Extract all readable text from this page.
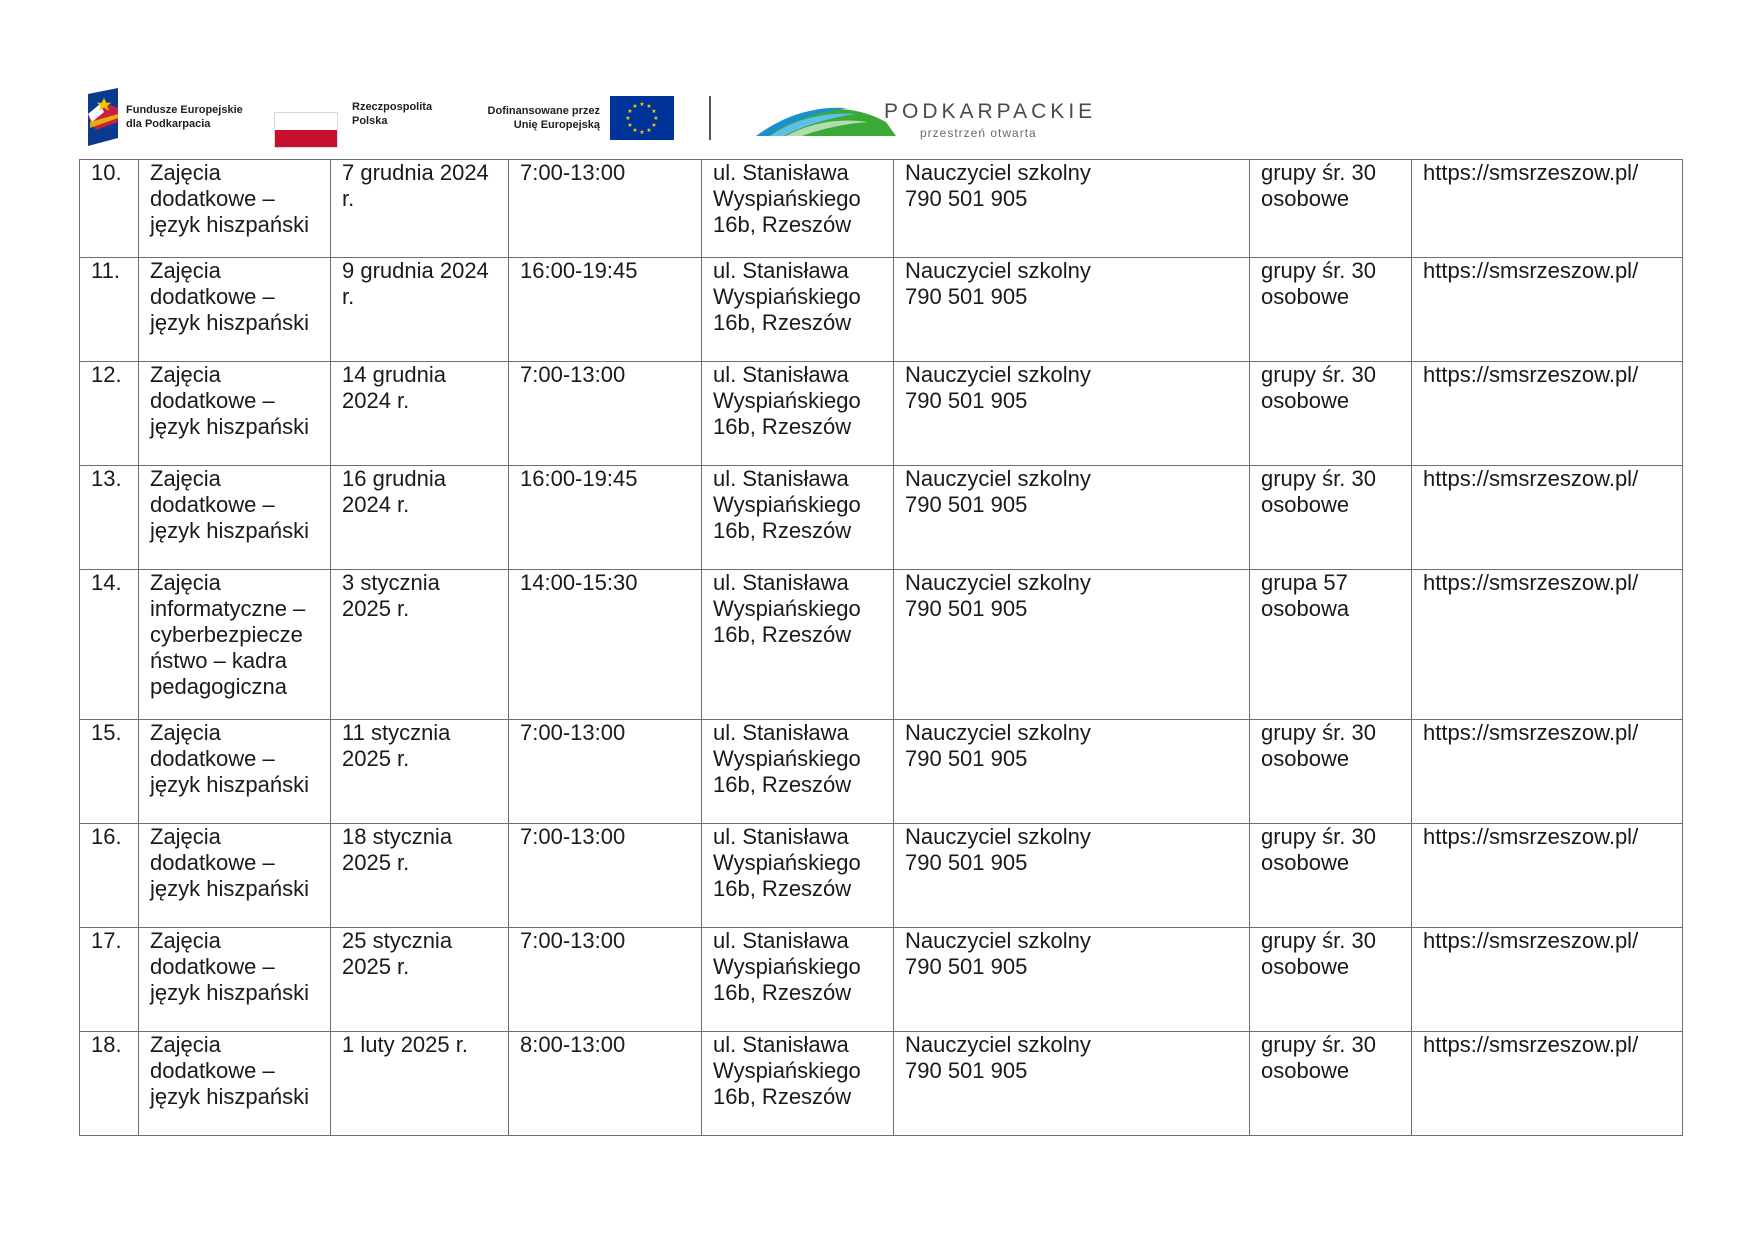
Fundusze Europejskie
dla Podkarpacia
Rzeczpospolita
Polska
Dofinansowane przez
Unię Europejską
★ ★
★
★
★
★
★
★
★
★
★
★	PODKARPACKIE
przestrzeń otwarta
10.	Zajęcia
dodatkowe –
język hiszpański	7 grudnia 2024
r.	7:00-13:00	ul. Stanisława
Wyspiańskiego
16b, Rzeszów	Nauczyciel szkolny
790 501 905	grupy śr. 30
osobowe	https://smsrzeszow.pl/

11.	Zajęcia
dodatkowe –
język hiszpański	9 grudnia 2024
r.	16:00-19:45	ul. Stanisława
Wyspiańskiego
16b, Rzeszów	Nauczyciel szkolny
790 501 905	grupy śr. 30
osobowe	https://smsrzeszow.pl/

12.	Zajęcia
dodatkowe –
język hiszpański	14 grudnia
2024 r.	7:00-13:00	ul. Stanisława
Wyspiańskiego
16b, Rzeszów	Nauczyciel szkolny
790 501 905	grupy śr. 30
osobowe	https://smsrzeszow.pl/

13.	Zajęcia
dodatkowe –
język hiszpański	16 grudnia
2024 r.	16:00-19:45	ul. Stanisława
Wyspiańskiego
16b, Rzeszów	Nauczyciel szkolny
790 501 905	grupy śr. 30
osobowe	https://smsrzeszow.pl/

14.	Zajęcia
informatyczne –
cyberbezpiecze
ństwo – kadra
pedagogiczna	3 stycznia
2025 r.	14:00-15:30	ul. Stanisława
Wyspiańskiego
16b, Rzeszów	Nauczyciel szkolny
790 501 905	grupa 57
osobowa	https://smsrzeszow.pl/

15.	Zajęcia
dodatkowe –
język hiszpański	11 stycznia
2025 r.	7:00-13:00	ul. Stanisława
Wyspiańskiego
16b, Rzeszów	Nauczyciel szkolny
790 501 905	grupy śr. 30
osobowe	https://smsrzeszow.pl/

16.	Zajęcia
dodatkowe –
język hiszpański	18 stycznia
2025 r.	7:00-13:00	ul. Stanisława
Wyspiańskiego
16b, Rzeszów	Nauczyciel szkolny
790 501 905	grupy śr. 30
osobowe	https://smsrzeszow.pl/

17.	Zajęcia
dodatkowe –
język hiszpański	25 stycznia
2025 r.	7:00-13:00	ul. Stanisława
Wyspiańskiego
16b, Rzeszów	Nauczyciel szkolny
790 501 905	grupy śr. 30
osobowe	https://smsrzeszow.pl/

18.	Zajęcia
dodatkowe –
język hiszpański	1 luty 2025 r.	8:00-13:00	ul. Stanisława
Wyspiańskiego
16b, Rzeszów	Nauczyciel szkolny
790 501 905	grupy śr. 30
osobowe	https://smsrzeszow.pl/
